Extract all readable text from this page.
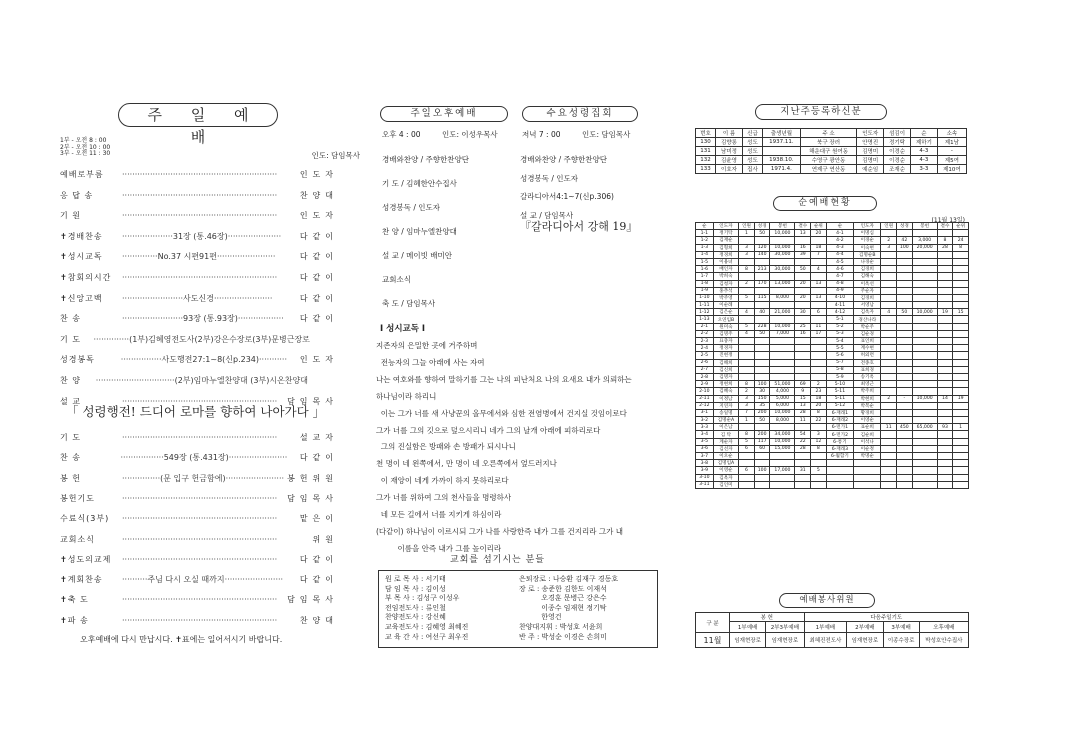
주 일 예 배
1부 - 오전 8 : 00
2부 - 오전 10 : 00
3부 - 오전 11 : 30	인도: 담임목사
예배로부름	·····························································	인도자
응 답 송	·····························································	찬양대
기 원	·····························································	인도자
✝경배찬송	····················31장 (통.46장)·····················	다같이
✝성시교독	··············No.37 시편91편·······················	다같이
✝참회의시간	·····························································	다같이
✝신앙고백	························사도신경·······················	다같이
찬 송	························93장 (통.93장)··················	다같이
기 도	··············(1부)김혜영전도사(2부)강은수장로(3부)문병근장로
성경봉독	················사도행전27:1~8(신p.234)···········	인도자
찬 양	·······························(2부)임마누엘찬양대 (3부)시온찬양대
설 교	·····························································	담임목사
「 성령행전! 드디어 로마를 향하여 나아가다 」
기 도	·····························································	설교자
찬 송	·················549장 (통.431장)·······················	다같이
봉 헌	···············(문 입구 헌금함에)······················· 봉헌위원
봉헌기도	·····························································	담임목사
수료식(3부)	·····························································	맡은이
교회소식	·····························································	위원
✝성도의교제	·····························································	다같이
✝계회찬송	··········주님 다시 오실 때까지·······················	다같이
✝축 도	·····························································	담임목사
✝파 송	·····························································	찬양대
오후예배에 다시 만납시다. ✝표에는 일어서시기 바랍니다.
주일오후예배
오후 4 : 00	인도: 이성우목사
경배와찬양 / 주향한찬양단
기 도 / 김혜한안수집사
성경봉독 / 인도자
찬 양 / 임마누엘찬양대
설 교 / 메이빗 배미안
교회소식
축 도 / 담임목사
수요성령집회
저녁 7 : 00	인도: 담임목사
경배와찬양 / 주향한찬양단
성경봉독 / 인도자
갈라디아서4:1~7(신p.306)
설 교 / 담임목사
『갈라디아서 강해 19』
Ⅰ 성시교독 Ⅰ
지존자의 은밀한 곳에 거주하며
전능자의 그늘 아래에 사는 자여
나는 여호와를 향하여 말하기를 그는 나의 피난처요 나의 요새요 내가 의뢰하는
하나님이라 하리니
이는 그가 너를 새 사냥꾼의 올무에서와 심한 전염병에서 건지실 것임이로다
그가 너를 그의 깃으로 덮으시리니 네가 그의 날개 아래에 피하리로다
그의 진실함은 방패와 손 방패가 되시나니
천 명이 네 왼쪽에서, 만 명이 네 오른쪽에서 엎드러지나
이 재앙이 네게 가까이 하지 못하리로다
그가 너를 위하여 그의 천사들을 명령하사
네 모든 길에서 너를 지키게 하심이라
(다같이) 하나님이 이르시되 그가 나를 사랑한즉 내가 그를 건지리라 그가 내
이름을 안즉 내가 그를 높이리라
교회를 섬기시는 분들
원 로 목 사 : 서기태
담 임 목 사 : 김이성
부 목 사 : 김성구 이성우
전임전도사 : 류인철
찬양전도사 : 강신혜
교육전도사 : 김혜영 최혜진
교 육 간 사 : 여선구 최우진
은퇴장로 : 나승환 김재구 경동호
장 로 : 송준한 김한도 이재석
오경훈 문병근 강은수
이종수 임재현 정기탁
한영건
찬양대지휘 : 박성호 서윤희
반 주 : 박성순 이경은 손희미
지난주등록하신분
번호	이 름	신급	출생년월	주 소	인도자	섬김이	순	소속
130	김향롱	성도	1937.11.	북구 장러	안명진	정기탁	제하기	제1남
131	남미정	성도		해운대구 원여동	김명미	이경순	4-3	-
132	김윤영	성도	1938.10.	수영구 광안동	김명미	이경순	4-3	제5여
133	이호자	집사	1971.4.	연제구 연산동	예순임	조재순	3-3	제10여
순예배현황
(11월 13일)
순	인도자	인원	성경	봉헌	결수	순위	순	인도자	인원	성경	봉헌	결수	순위
1-1	정기탁	1	50	10,000	13	20	4-1	이명심					
1-2	김재순						4-2	이경순	2	42	3,000	8	24
1-3	김형희	3	120	10,000	16	18	4-3	이숙현	3	100	20,000	28	8
1-4	정경희	3	140	30,000	39	7	4-4	김명순B					
1-5	이용녀						4-5	나경순					
1-6	배인자	8	213	30,000	50	4	4-6	김경희					
1-7	박희숙						4-7	김해숙					
1-8	김청자	2	170	13,000	20	13	4-8	이옥선					
1-9	홍추석						4-9	주순자					
1-10	박주영	5	115	8,000	20	13	4-10	김경희					
1-11	이순례						4-11	서영남					
1-12	김은순	4	40	21,000	30	6	4-12	김옥자	4	50	10,000	19	15
1-13	오연임B						5-1	경산나라					
2-1	원미숙	5	228	10,000	25	11	5-2	박순주					
2-2	김명주	4	50	7,000	16	17	5-3	김순경					
2-3	표충자						5-4	표인희					
2-4	정경자						5-5	계수현					
2-5	진현정						5-6	허외련					
2-6	김해희						5-7	전종호					
2-7	김신희						5-8	표희경					
2-8	김명자						5-9	송기옥					
2-9	정현희	8	100	51,000	69	2	5-10	최영근					
2-10	김혜숙	2	30	4,000	9	23	5-11	박주희					
2-11	이정남	3	150	5,000	15	18	5-11	박현희	2	-	10,000	14	19
2-12	지연자	3	35	6,000	13	20	5-12	박복순					
3-1	송일명	7	200	10,000	28	8	6-재래1	황경희					
3-2	김명순A	1	50	8,000	11	22	6-재래2	이영순					
3-3	이은남						6-먼가1	표순희	11	450	65,000	93	1
3-4	김 탁	8	200	34,000	54	3	6-먼가2	김순희					
3-5	계순자	5	117	10,000	22	12	6-통기	이석나					
3-6	김선자	6	60	15,000	28	8	6-재래3	이순정					
3-7	이오순						6-월합기	박명순					
3-8	김명임A												
3-9	이영순	6	100	17,000	31	5							
3-10	김옥자												
3-11	김인미												
예배봉사위원
구 분	봉 헌		다음주일기도			
	1부예배	2부3부예배	1부예배	2부예배	3부예배	오후예배
11월	임재현장로	임재현장로	최혜진전도사	임재현장로	이종수장로	박성호안수집사
